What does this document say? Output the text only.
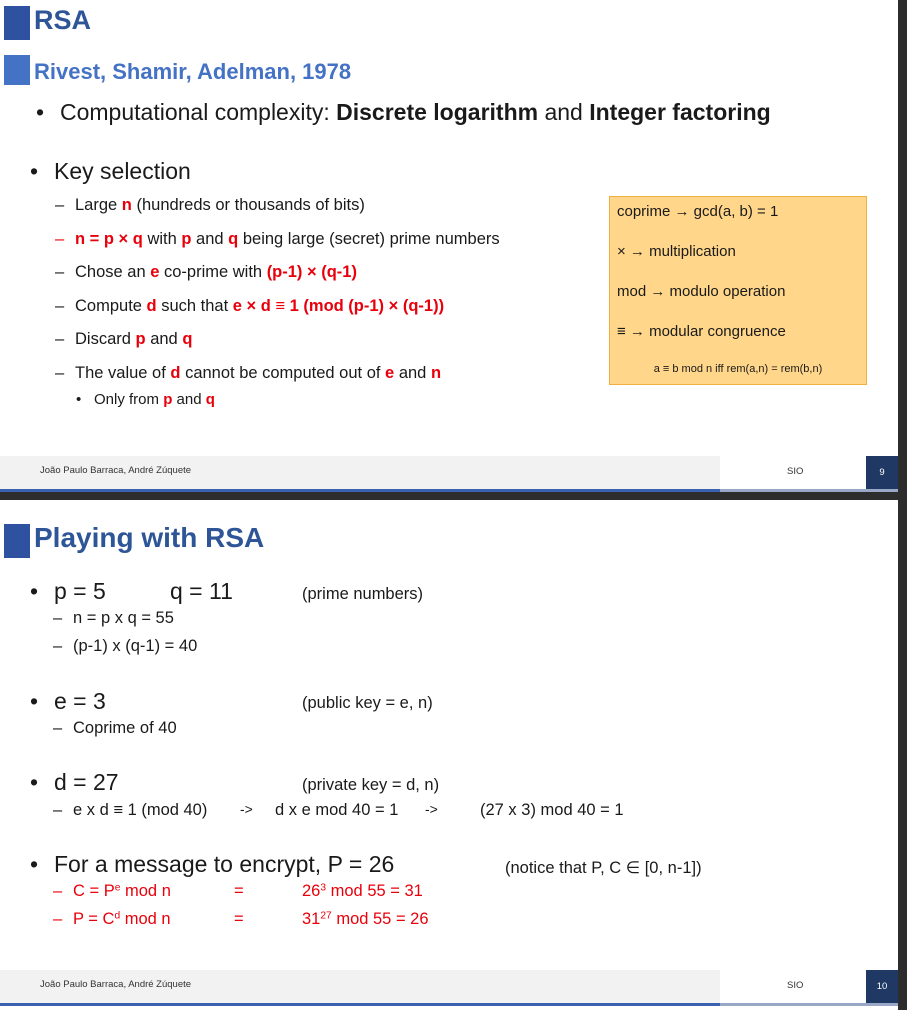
RSA
Rivest, Shamir, Adelman, 1978
• Computational complexity: Discrete logarithm and Integer factoring
• Key selection
– Large n (hundreds or thousands of bits)
– n = p × q with p and q being large (secret) prime numbers
– Chose an e co-prime with (p-1) × (q-1)
– Compute d such that e × d ≡ 1 (mod (p-1) × (q-1))
– Discard p and q
– The value of d cannot be computed out of e and n
• Only from p and q
coprime → gcd(a, b) = 1
× → multiplication
mod → modulo operation
≡ → modular congruence
a ≡ b mod n iff rem(a,n) = rem(b,n)
João Paulo Barraca, André Zúquete	SIO	9
Playing with RSA
• p = 5	q = 11	(prime numbers)
– n = p x q = 55
– (p-1) x (q-1) = 40
• e = 3	(public key = e, n)
– Coprime of 40
• d = 27	(private key = d, n)
– e x d ≡ 1 (mod 40) -> d x e mod 40 = 1 ->	(27 x 3) mod 40 = 1
• For a message to encrypt, P = 26	(notice that P, C ∈ [0, n-1])
– $C = P^e$ mod n	=	$26^3$ mod 55 = 31
– $P = C^d$ mod n	=	$31^{27}$ mod 55 = 26
João Paulo Barraca, André Zúquete	SIO	10
